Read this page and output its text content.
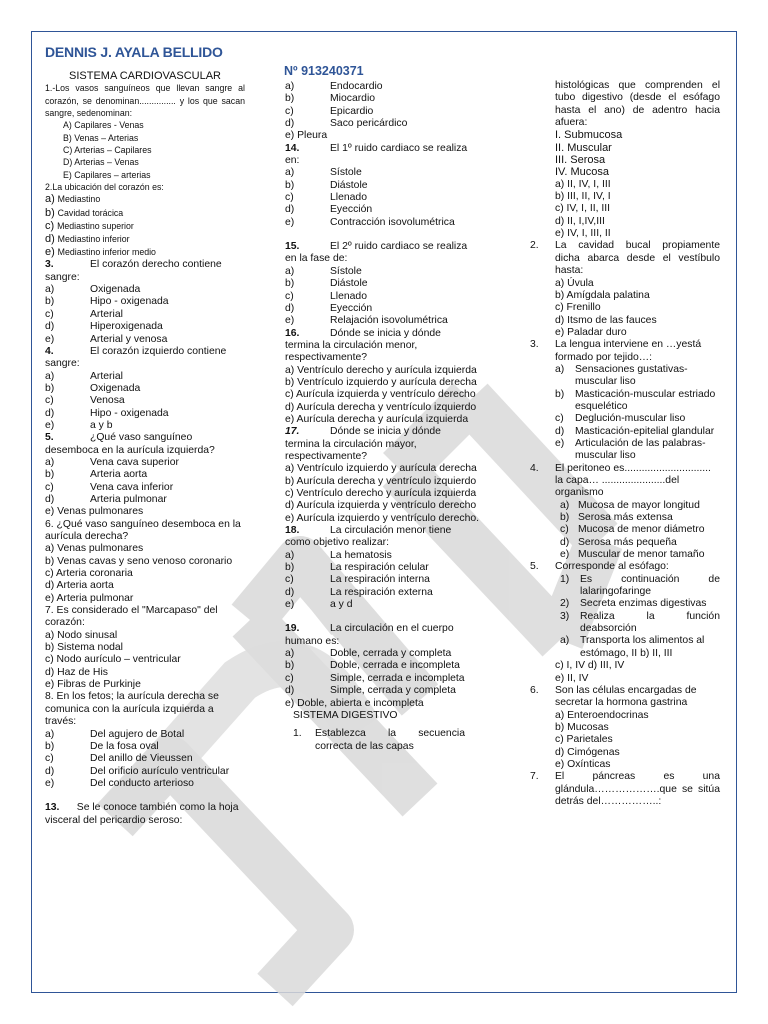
DENNIS J. AYALA BELLIDO
Nº 913240371
SISTEMA CARDIOVASCULAR
1.-Los vasos sanguíneos que llevan sangre al corazón, se denominan............... y los que sacan sangre, sedenominan:
A) Capilares - Venas
B) Venas – Arterias
C) Arterias – Capilares
D) Arterias – Venas
E) Capilares – arterias
2.La ubicación del corazón es:
a) Mediastino
b) Cavidad torácica
c) Mediastino superior
d) Mediastino inferior
e) Mediastino inferior medio
3.	El corazón derecho contiene
sangre:
a)	Oxigenada
b)	Hipo - oxigenada
c)	Arterial
d)	Hiperoxigenada
e)	Arterial y venosa
4.	El corazón izquierdo contiene
sangre:
a)	Arterial
b)	Oxigenada
c)	Venosa
d)	Hipo - oxigenada
e)	a y b
5.	¿Qué vaso sanguíneo
desemboca en la aurícula izquierda?
a)	Vena cava superior
b)	Arteria aorta
c)	Vena cava inferior
d)	Arteria pulmonar
e) Venas pulmonares
6. ¿Qué vaso sanguíneo desemboca en la aurícula derecha?
a) Venas pulmonares
b) Venas cavas y seno venoso coronario
c) Arteria coronaria
d) Arteria aorta
e) Arteria pulmonar
7. Es considerado el "Marcapaso" del corazón:
a) Nodo sinusal
b) Sistema nodal
c) Nodo aurículo – ventricular
d) Haz de His
e) Fibras de Purkinje
8. En los fetos; la aurícula derecha se comunica con la aurícula izquierda a través:
a)	Del agujero de Botal
b)	De la fosa oval
c)	Del anillo de Vieussen
d)	Del orificio aurículo ventricular
e)	Del conducto arterioso
13. Se le conoce también como la hoja visceral del pericardio seroso:
a)	Endocardio
b)	Miocardio
c)	Epicardio
d)	Saco pericárdico
e) Pleura
14.	El 1º ruido cardiaco se realiza
en:
a)	Sístole
b)	Diástole
c)	Llenado
d)	Eyección
e)	Contracción isovolumétrica
15.	El 2º ruido cardiaco se realiza
en la fase de:
a)	Sístole
b)	Diástole
c)	Llenado
d)	Eyección
e)	Relajación isovolumétrica
16.	Dónde se inicia y dónde
termina la circulación menor, respectivamente?
a) Ventrículo derecho y aurícula izquierda
b) Ventrículo izquierdo y aurícula derecha
c) Aurícula izquierda y ventrículo derecho
d) Aurícula derecha y ventrículo izquierdo
e) Aurícula derecha y aurícula izquierda
17.	Dónde se inicia y dónde
termina la circulación mayor, respectivamente?
a) Ventrículo izquierdo y aurícula derecha
b) Aurícula derecha y ventrículo izquierdo
c) Ventrículo derecho y aurícula izquierda
d) Aurícula izquierda y ventrículo derecho
e) Aurícula izquierdo y ventrículo derecho.
18.	La circulación menor tiene
como objetivo realizar:
a)	La hematosis
b)	La respiración celular
c)	La respiración interna
d)	La respiración externa
e)	a y d
19.	La circulación en el cuerpo
humano es:
a)	Doble, cerrada y completa
b)	Doble, cerrada e incompleta
c)	Simple, cerrada e incompleta
d)	Simple, cerrada y completa
e) Doble, abierta e incompleta
SISTEMA DIGESTIVO
1.	Establezca la secuencia correcta de las capas
histológicas que comprenden el tubo digestivo (desde el esófago hasta el ano) de adentro hacia afuera:
I. Submucosa
II. Muscular
III. Serosa
IV. Mucosa
a) II, IV, I, III
b) III, II, IV, I
c) IV, I, II, III
d) II, I,IV,III
e) IV, I, III, II
2.	La cavidad bucal propiamente dicha abarca desde el vestíbulo hasta:
a) Úvula
b) Amígdala palatina
c) Frenillo
d) Itsmo de las fauces
e) Paladar duro
3.	La lengua interviene en …yestá formado por tejido…:
a)	Sensaciones gustativas-muscular liso
b)	Masticación-muscular estriado esquelético
c)	Deglución-muscular liso
d)	Masticación-epitelial glandular
e)	Articulación de las palabras-muscular liso
4.	El peritoneo es.............................. la capa… ......................del organismo
a) Mucosa de mayor longitud
b) Serosa más extensa
c) Mucosa de menor diámetro
d) Serosa más pequeña
e) Muscular de menor tamaño
5.	Corresponde al esófago:
1)	Es continuación de lalaringofaringe
2)	Secreta enzimas digestivas
3)	Realiza la función deabsorción
a)	Transporta los alimentos al estómago, II b) II, III
c) I, IV d) III, IV
e) II, IV
6.	Son las células encargadas de secretar la hormona gastrina
a) Enteroendocrinas
b) Mucosas
c) Parietales
d) Cimógenas
e) Oxínticas
7.	El páncreas es una glándula……………….que se sitúa detrás del……………..:
